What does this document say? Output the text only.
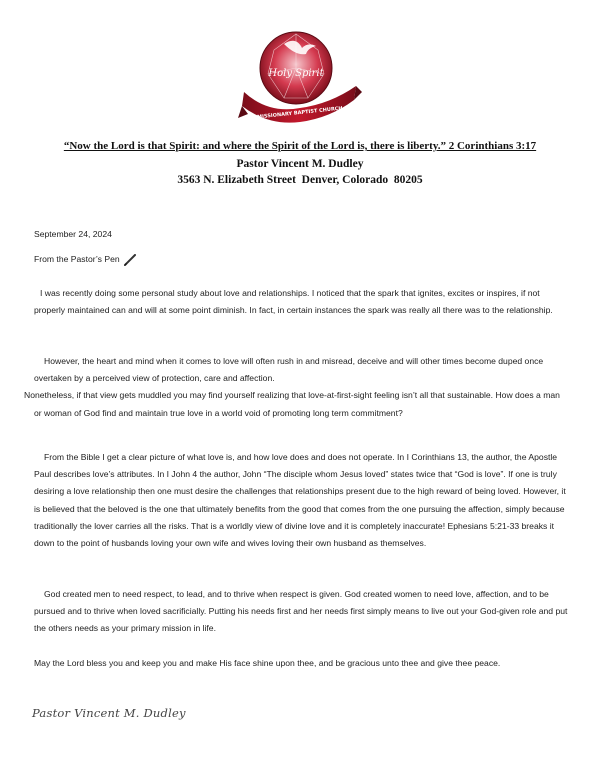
Holy Spirit
MISSIONARY BAPTIST CHURCH
“Now the Lord is that Spirit: and where the Spirit of the Lord is, there is liberty.” 2 Corinthians 3:17
Pastor Vincent M. Dudley
3563 N. Elizabeth Street  Denver, Colorado  80205
September 24, 2024
From the Pastor’s Pen
I was recently doing some personal study about love and relationships. I noticed that the spark that ignites, excites or inspires, if not properly maintained can and will at some point diminish. In fact, in certain instances the spark was really all there was to the relationship.
However, the heart and mind when it comes to love will often rush in and misread, deceive and will other times become duped once overtaken by a perceived view of protection, care and affection.
Nonetheless, if that view gets muddled you may find yourself realizing that love-at-first-sight feeling isn’t all that sustainable. How does a man or woman of God find and maintain true love in a world void of promoting long term commitment?
From the Bible I get a clear picture of what love is, and how love does and does not operate. In I Corinthians 13, the author, the Apostle Paul describes love’s attributes. In I John 4 the author, John “The disciple whom Jesus loved” states twice that “God is love”. If one is truly desiring a love relationship then one must desire the challenges that relationships present due to the high reward of being loved. However, it is believed that the beloved is the one that ultimately benefits from the good that comes from the one pursuing the affection, simply because traditionally the lover carries all the risks. That is a worldly view of divine love and it is completely inaccurate! Ephesians 5:21-33 breaks it down to the point of husbands loving your own wife and wives loving their own husband as themselves.
God created men to need respect, to lead, and to thrive when respect is given. God created women to need love, affection, and to be pursued and to thrive when loved sacrificially. Putting his needs first and her needs first simply means to live out your God-given role and put the others needs as your primary mission in life.
May the Lord bless you and keep you and make His face shine upon thee, and be gracious unto thee and give thee peace.
Pastor Vincent M. Dudley
